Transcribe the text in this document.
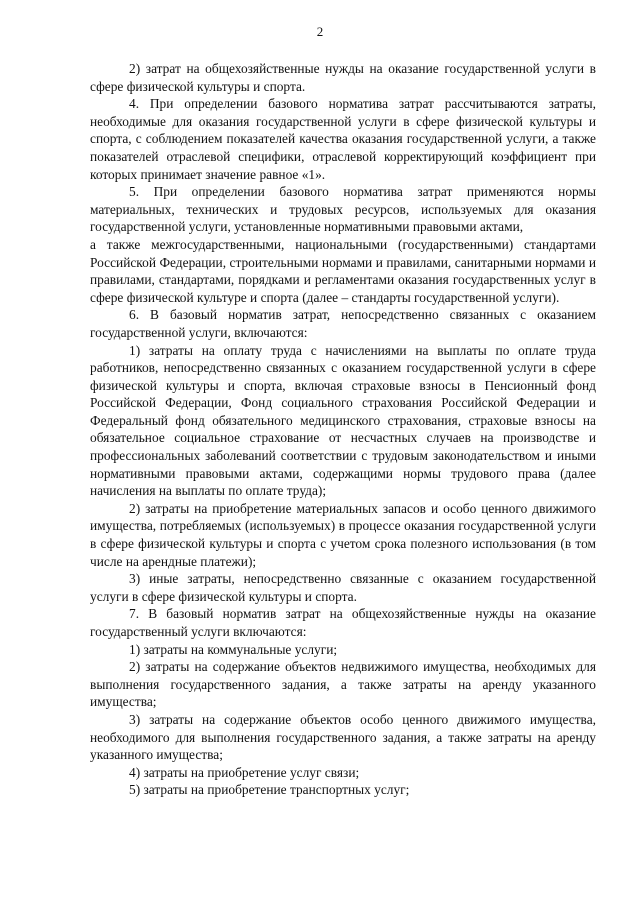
2

2) затрат на общехозяйственные нужды на оказание государственной услуги в сфере физической культуры и спорта.

4. При определении базового норматива затрат рассчитываются затраты, необходимые для оказания государственной услуги в сфере физической культуры и спорта, с соблюдением показателей качества оказания государственной услуги, а также показателей отраслевой специфики, отраслевой корректирующий коэффициент при которых принимает значение равное «1».

5. При определении базового норматива затрат применяются нормы материальных, технических и трудовых ресурсов, используемых для оказания государственной услуги, установленные нормативными правовыми актами,

а также межгосударственными, национальными (государственными) стандартами Российской Федерации, строительными нормами и правилами, санитарными нормами и правилами, стандартами, порядками и регламентами оказания государственных услуг в сфере физической культуре и спорта (далее – стандарты государственной услуги).

6. В базовый норматив затрат, непосредственно связанных с оказанием государственной услуги, включаются:

1) затраты на оплату труда с начислениями на выплаты по оплате труда работников, непосредственно связанных с оказанием государственной услуги в сфере физической культуры и спорта, включая страховые взносы в Пенсионный фонд Российской Федерации, Фонд социального страхования Российской Федерации и Федеральный фонд обязательного медицинского страхования, страховые взносы на обязательное социальное страхование от несчастных случаев на производстве и профессиональных заболеваний соответствии с трудовым законодательством и иными нормативными правовыми актами, содержащими нормы трудового права (далее начисления на выплаты по оплате труда);

2) затраты на приобретение материальных запасов и особо ценного движимого имущества, потребляемых (используемых) в процессе оказания государственной услуги в сфере физической культуры и спорта с учетом срока полезного использования (в том числе на арендные платежи);

3) иные затраты, непосредственно связанные с оказанием государственной услуги в сфере физической культуры и спорта.

7. В базовый норматив затрат на общехозяйственные нужды на оказание государственный услуги включаются:

1) затраты на коммунальные услуги;

2) затраты на содержание объектов недвижимого имущества, необходимых для выполнения государственного задания, а также затраты на аренду указанного имущества;

3) затраты на содержание объектов особо ценного движимого имущества, необходимого для выполнения государственного задания, а также затраты на аренду указанного имущества;

4) затраты на приобретение услуг связи;

5) затраты на приобретение транспортных услуг;
